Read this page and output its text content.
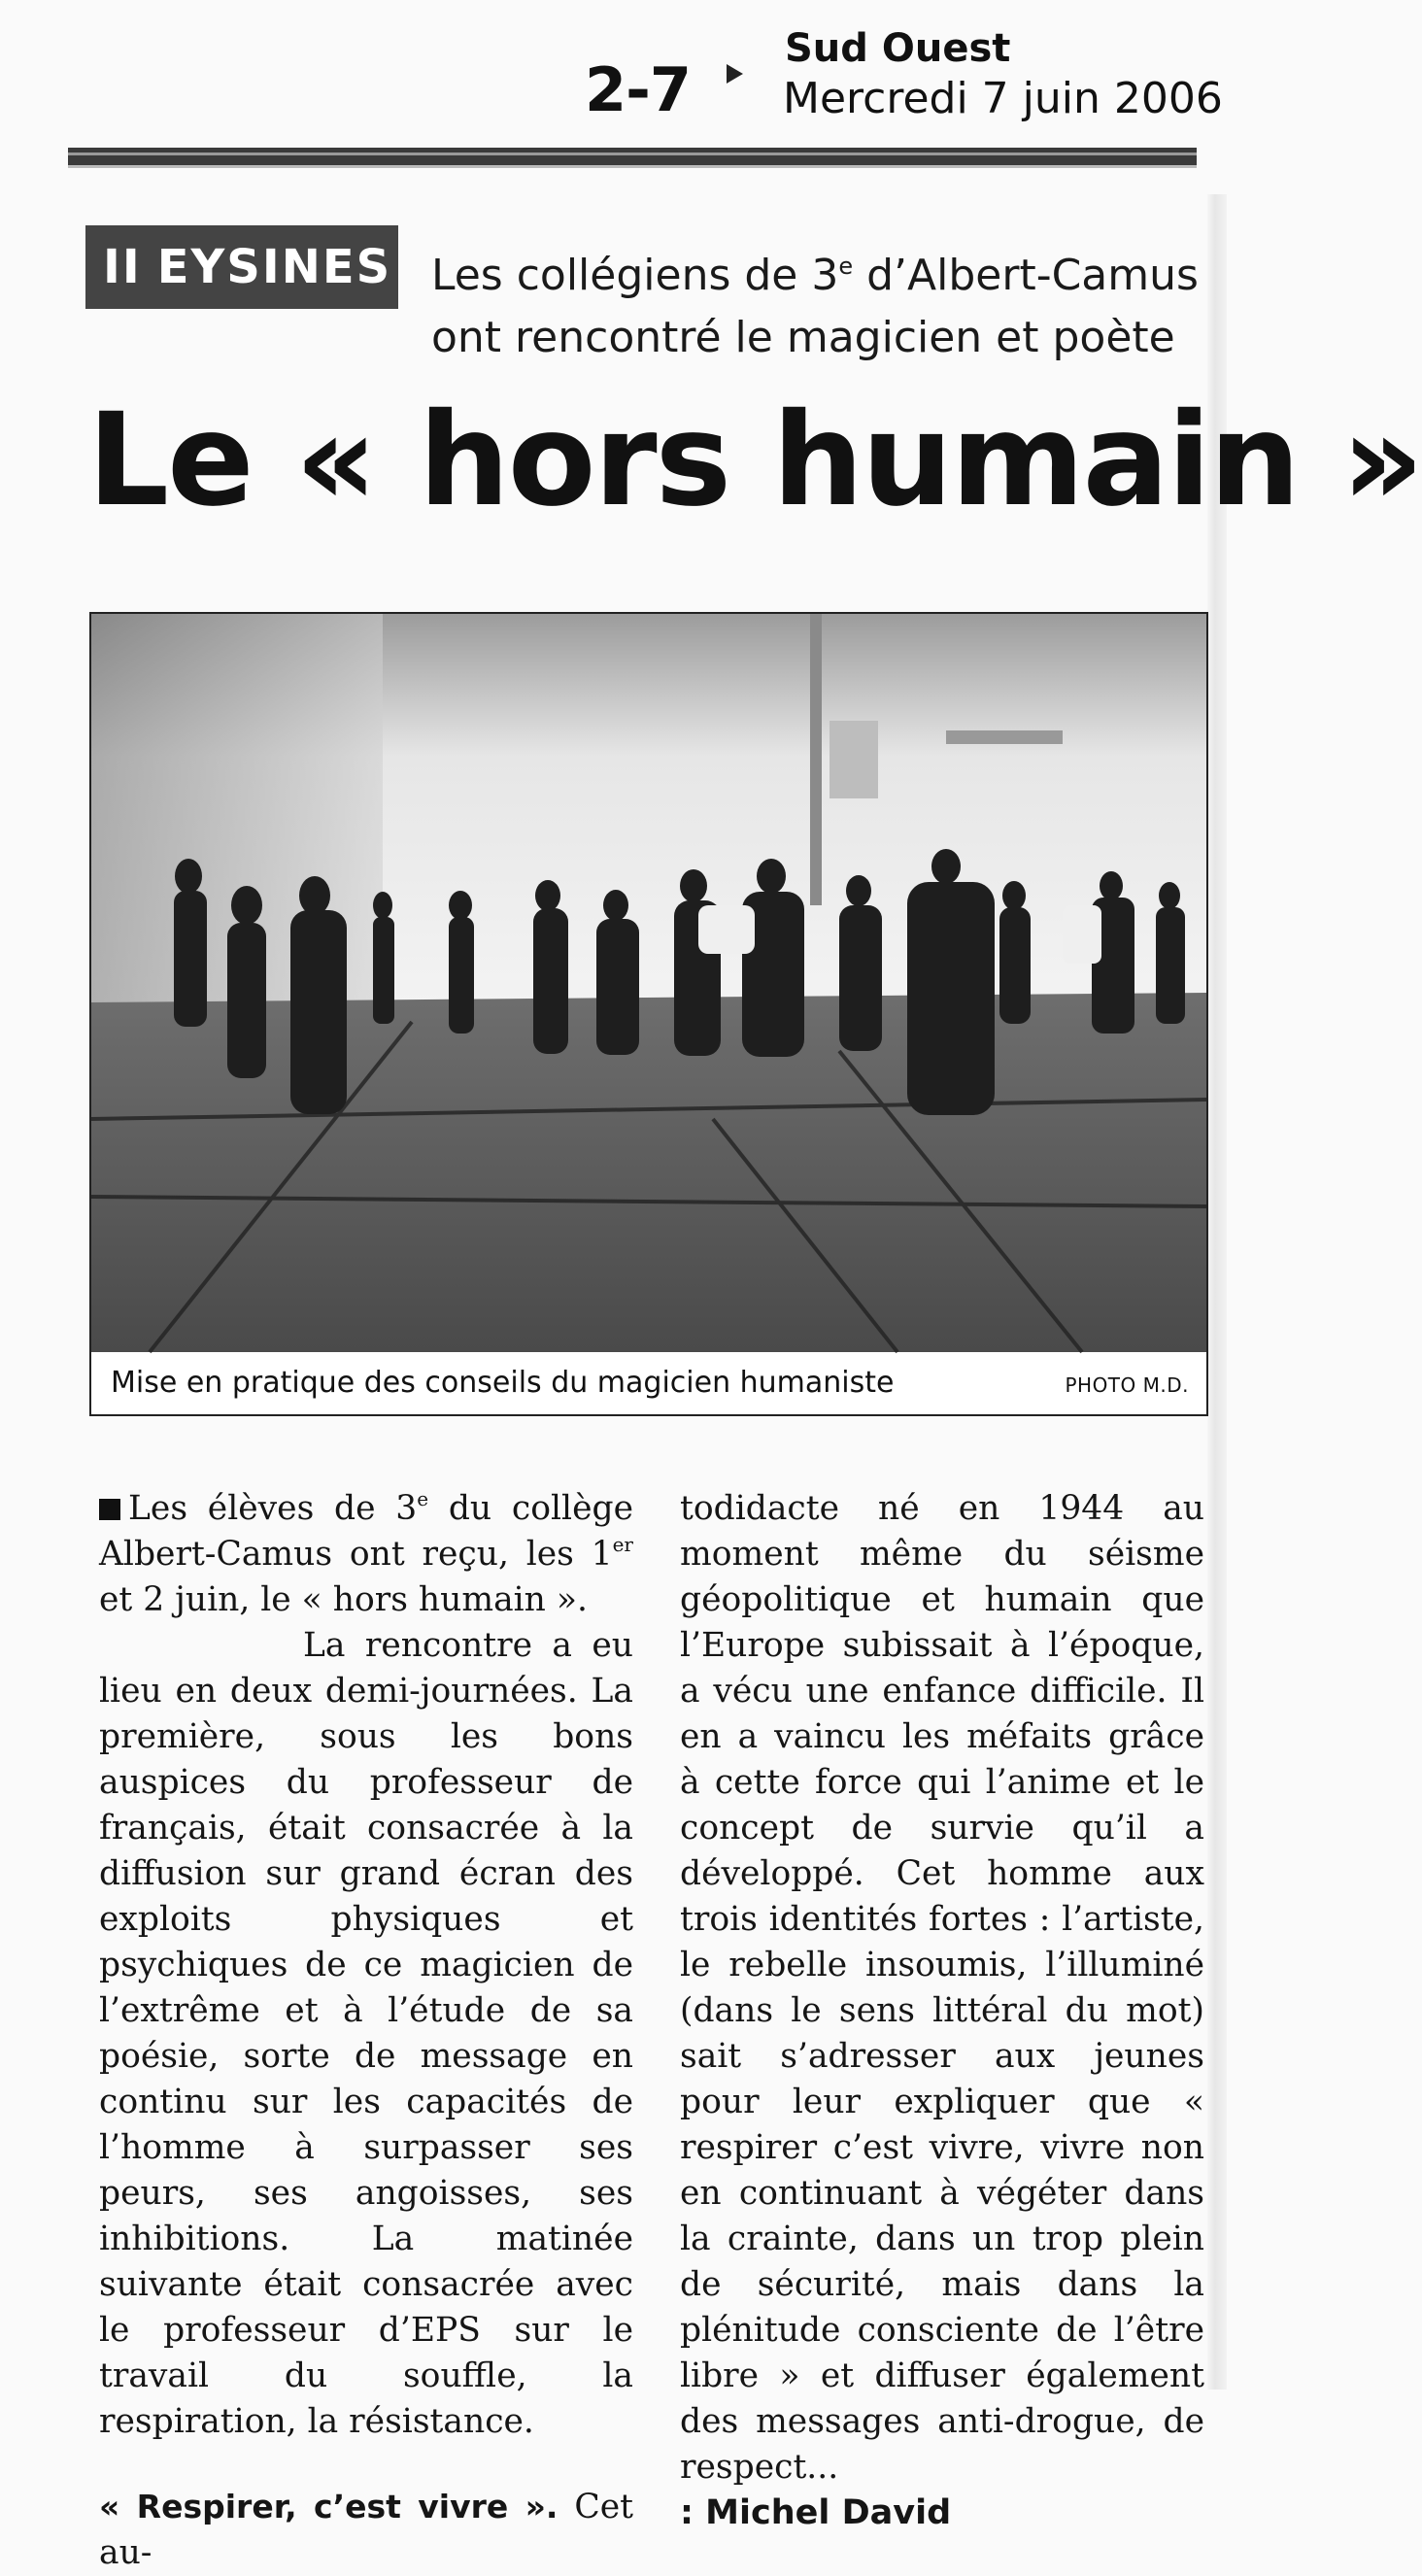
2-7
Sud Ouest
Mercredi 7 juin 2006
II EYSINES Les collégiens de 3e d’Albert-Camus
ont rencontré le magicien et poète
Le « hors humain »
Mise en pratique des conseils du magicien humaniste	PHOTO M.D.

Les élèves de 3e du collège Albert-Camus ont reçu, les 1er et 2 juin, le « hors humain ».

La rencontre a eu lieu en deux demi-journées. La première, sous les bons auspices du professeur de français, était consacrée à la diffusion sur grand écran des exploits physiques et psychiques de ce magicien de l’extrême et à l’étude de sa poésie, sorte de message en continu sur les capacités de l’homme à surpasser ses peurs, ses angoisses, ses inhibitions. La matinée suivante était consacrée avec le professeur d’EPS sur le travail du souffle, la respiration, la résistance.

« Respirer, c’est vivre ». Cet au-

todidacte né en 1944 au moment même du séisme géopolitique et humain que l’Europe subissait à l’époque, a vécu une enfance difficile. Il en a vaincu les méfaits grâce à cette force qui l’anime et le concept de survie qu’il a développé. Cet homme aux trois identités fortes : l’artiste, le rebelle insoumis, l’illuminé (dans le sens littéral du mot) sait s’adresser aux jeunes pour leur expliquer que « respirer c’est vivre, vivre non en continuant à végéter dans la crainte, dans un trop plein de sécurité, mais dans la plénitude consciente de l’être libre » et diffuser également des messages anti-drogue, de respect...

: Michel David
